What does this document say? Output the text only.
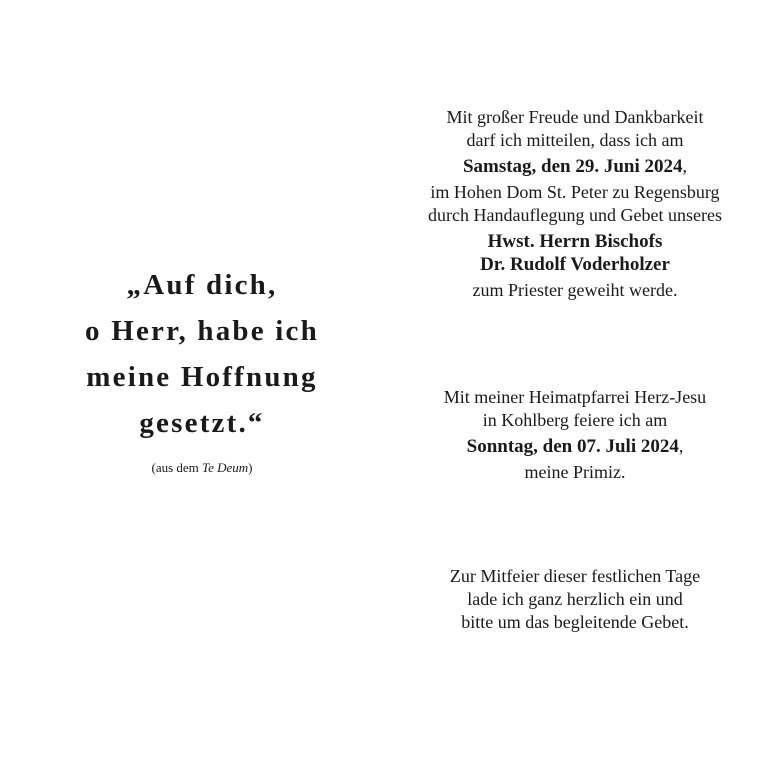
„Auf dich,
o Herr, habe ich
meine Hoffnung
gesetzt.“
(aus dem Te Deum)
Mit großer Freude und Dankbarkeit
darf ich mitteilen, dass ich am
Samstag, den 29. Juni 2024,
im Hohen Dom St. Peter zu Regensburg
durch Handauflegung und Gebet unseres
Hwst. Herrn Bischofs
Dr. Rudolf Voderholzer
zum Priester geweiht werde.
Mit meiner Heimatpfarrei Herz-Jesu
in Kohlberg feiere ich am
Sonntag, den 07. Juli 2024,
meine Primiz.
Zur Mitfeier dieser festlichen Tage
lade ich ganz herzlich ein und
bitte um das begleitende Gebet.
